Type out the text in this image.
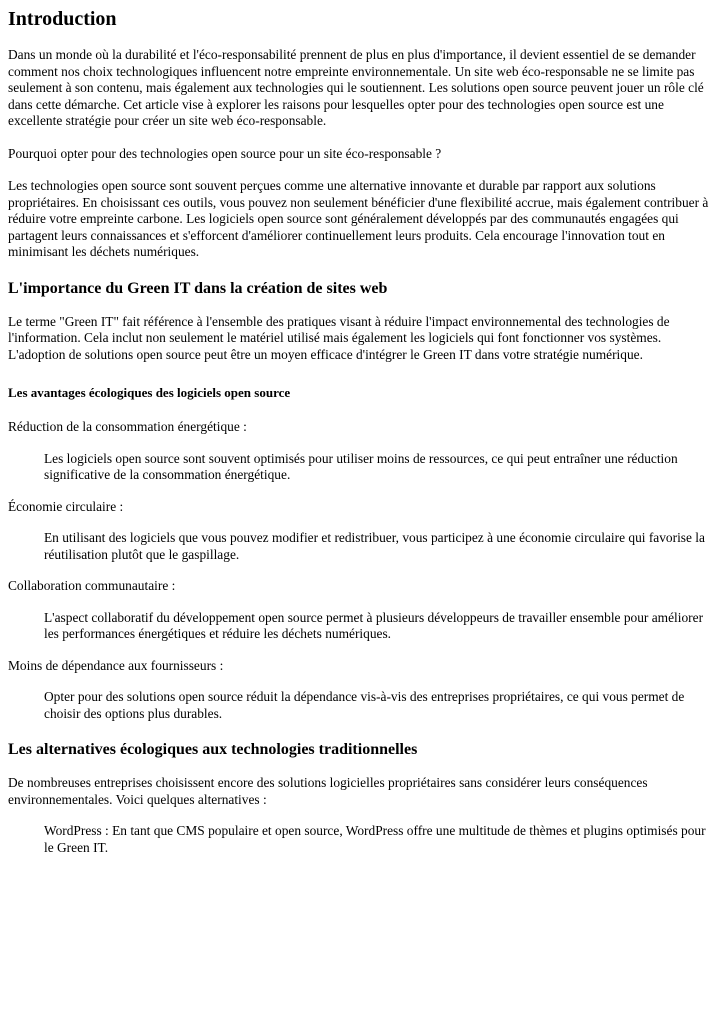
Introduction

Dans un monde où la durabilité et l'éco-responsabilité prennent de plus en plus d'importance, il devient essentiel de se demander comment nos choix technologiques influencent notre empreinte environnementale. Un site web éco-responsable ne se limite pas seulement à son contenu, mais également aux technologies qui le soutiennent. Les solutions open source peuvent jouer un rôle clé dans cette démarche. Cet article vise à explorer les raisons pour lesquelles opter pour des technologies open source est une excellente stratégie pour créer un site web éco-responsable.

Pourquoi opter pour des technologies open source pour un site éco-responsable ?

Les technologies open source sont souvent perçues comme une alternative innovante et durable par rapport aux solutions propriétaires. En choisissant ces outils, vous pouvez non seulement bénéficier d'une flexibilité accrue, mais également contribuer à réduire votre empreinte carbone. Les logiciels open source sont généralement développés par des communautés engagées qui partagent leurs connaissances et s'efforcent d'améliorer continuellement leurs produits. Cela encourage l'innovation tout en minimisant les déchets numériques.

L'importance du Green IT dans la création de sites web

Le terme "Green IT" fait référence à l'ensemble des pratiques visant à réduire l'impact environnemental des technologies de l'information. Cela inclut non seulement le matériel utilisé mais également les logiciels qui font fonctionner vos systèmes. L'adoption de solutions open source peut être un moyen efficace d'intégrer le Green IT dans votre stratégie numérique.

Les avantages écologiques des logiciels open source
Réduction de la consommation énergétique :
Les logiciels open source sont souvent optimisés pour utiliser moins de ressources, ce qui peut entraîner une réduction significative de la consommation énergétique.
Économie circulaire :
En utilisant des logiciels que vous pouvez modifier et redistribuer, vous participez à une économie circulaire qui favorise la réutilisation plutôt que le gaspillage.
Collaboration communautaire :
L'aspect collaboratif du développement open source permet à plusieurs développeurs de travailler ensemble pour améliorer les performances énergétiques et réduire les déchets numériques.
Moins de dépendance aux fournisseurs :
Opter pour des solutions open source réduit la dépendance vis-à-vis des entreprises propriétaires, ce qui vous permet de choisir des options plus durables.
Les alternatives écologiques aux technologies traditionnelles

De nombreuses entreprises choisissent encore des solutions logicielles propriétaires sans considérer leurs conséquences environnementales. Voici quelques alternatives :

WordPress : En tant que CMS populaire et open source, WordPress offre une multitude de thèmes et plugins optimisés pour le Green IT.
